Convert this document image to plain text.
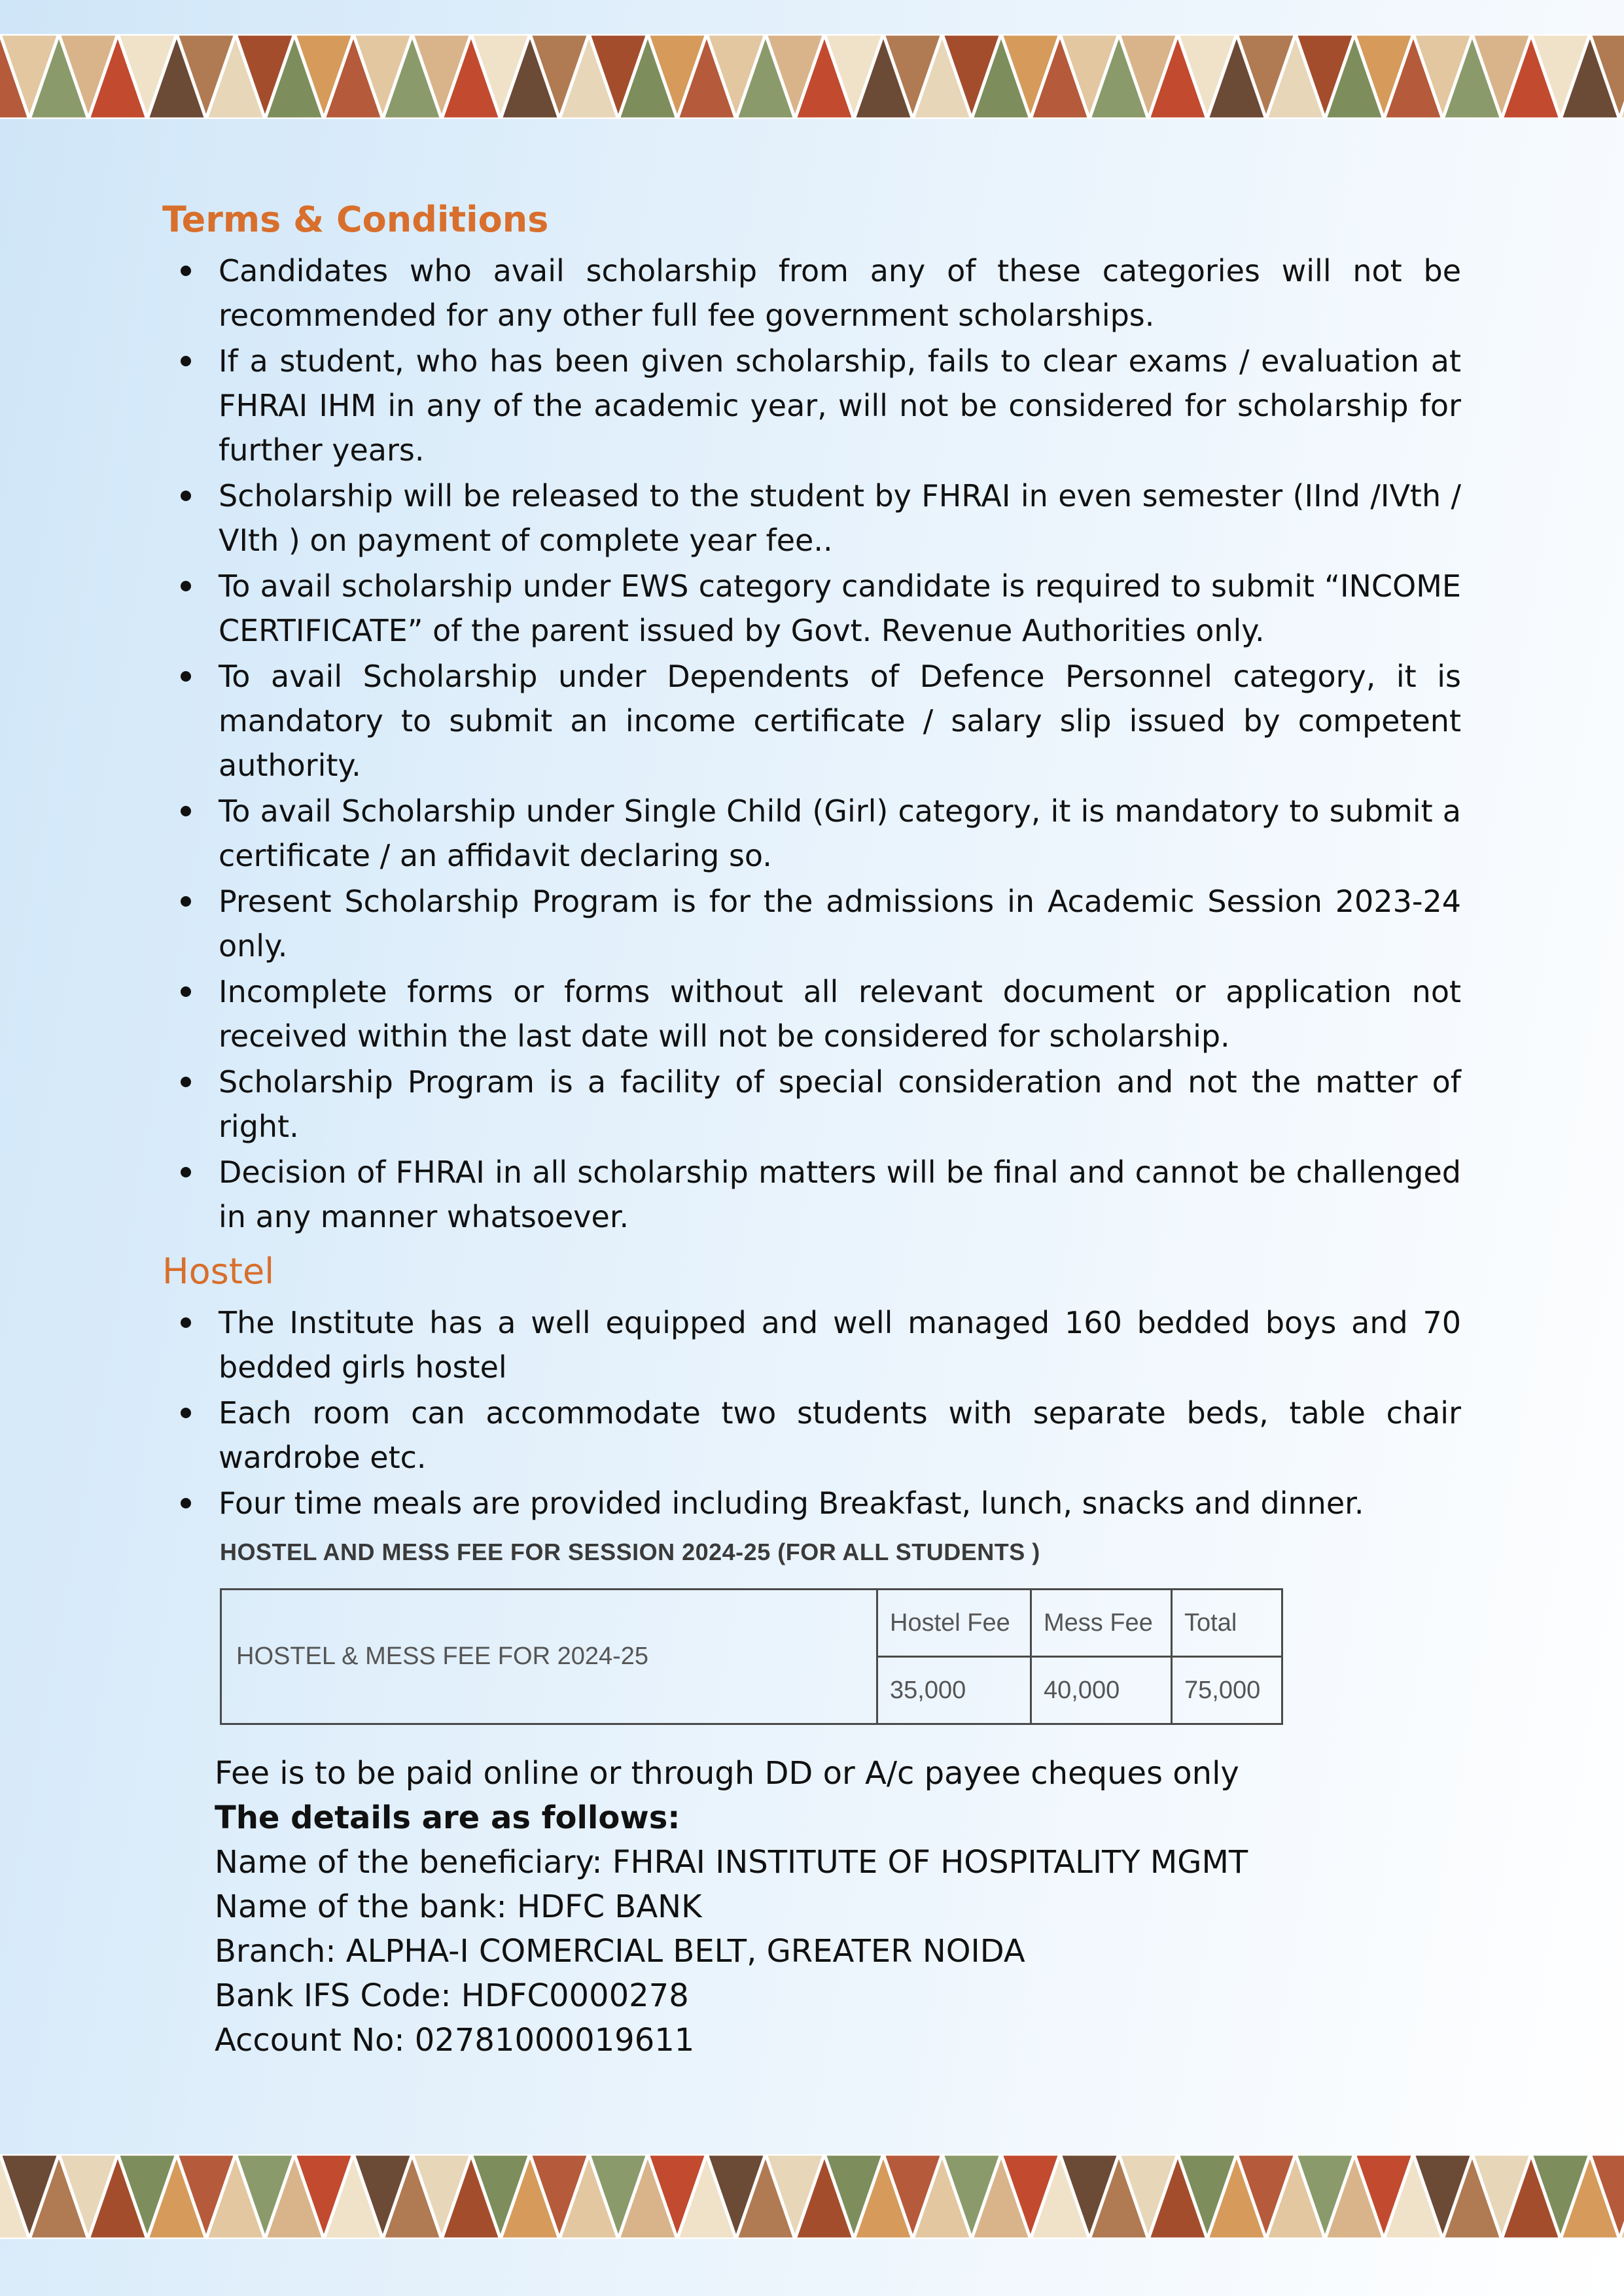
Terms & Conditions
Candidates who avail scholarship from any of these categories will not be recommended for any other full fee government scholarships.
If a student, who has been given scholarship, fails to clear exams / evaluation at FHRAI IHM in any of the academic year, will not be considered for scholarship for further years.
Scholarship will be released to the student by FHRAI in even semester (IInd /IVth / VIth ) on payment of complete year fee..
To avail scholarship under EWS category candidate is required to submit “INCOME CERTIFICATE” of the parent issued by Govt. Revenue Authorities only.
To avail Scholarship under Dependents of Defence Personnel category, it is mandatory to submit an income certificate / salary slip issued by competent authority.
To avail Scholarship under Single Child (Girl) category, it is mandatory to submit a certificate / an affidavit declaring so.
Present Scholarship Program is for the admissions in Academic Session 2023-24 only.
Incomplete forms or forms without all relevant document or application not received within the last date will not be considered for scholarship.
Scholarship Program is a facility of special consideration and not the matter of right.
Decision of FHRAI in all scholarship matters will be final and cannot be challenged in any manner whatsoever.
Hostel
The Institute has a well equipped and well managed 160 bedded boys and 70 bedded girls hostel
Each room can accommodate two students with separate beds, table chair wardrobe etc.
Four time meals are provided including Breakfast, lunch, snacks and dinner.
HOSTEL AND MESS FEE FOR SESSION 2024-25 (FOR ALL STUDENTS )
HOSTEL & MESS FEE FOR 2024-25	Hostel Fee	Mess Fee	Total
	35,000	40,000	75,000
Fee is to be paid online or through DD or A/c payee cheques only
The details are as follows:
Name of the beneficiary: FHRAI INSTITUTE OF HOSPITALITY MGMT
Name of the bank: HDFC BANK
Branch: ALPHA-I COMERCIAL BELT, GREATER NOIDA
Bank IFS Code: HDFC0000278
Account No: 02781000019611
